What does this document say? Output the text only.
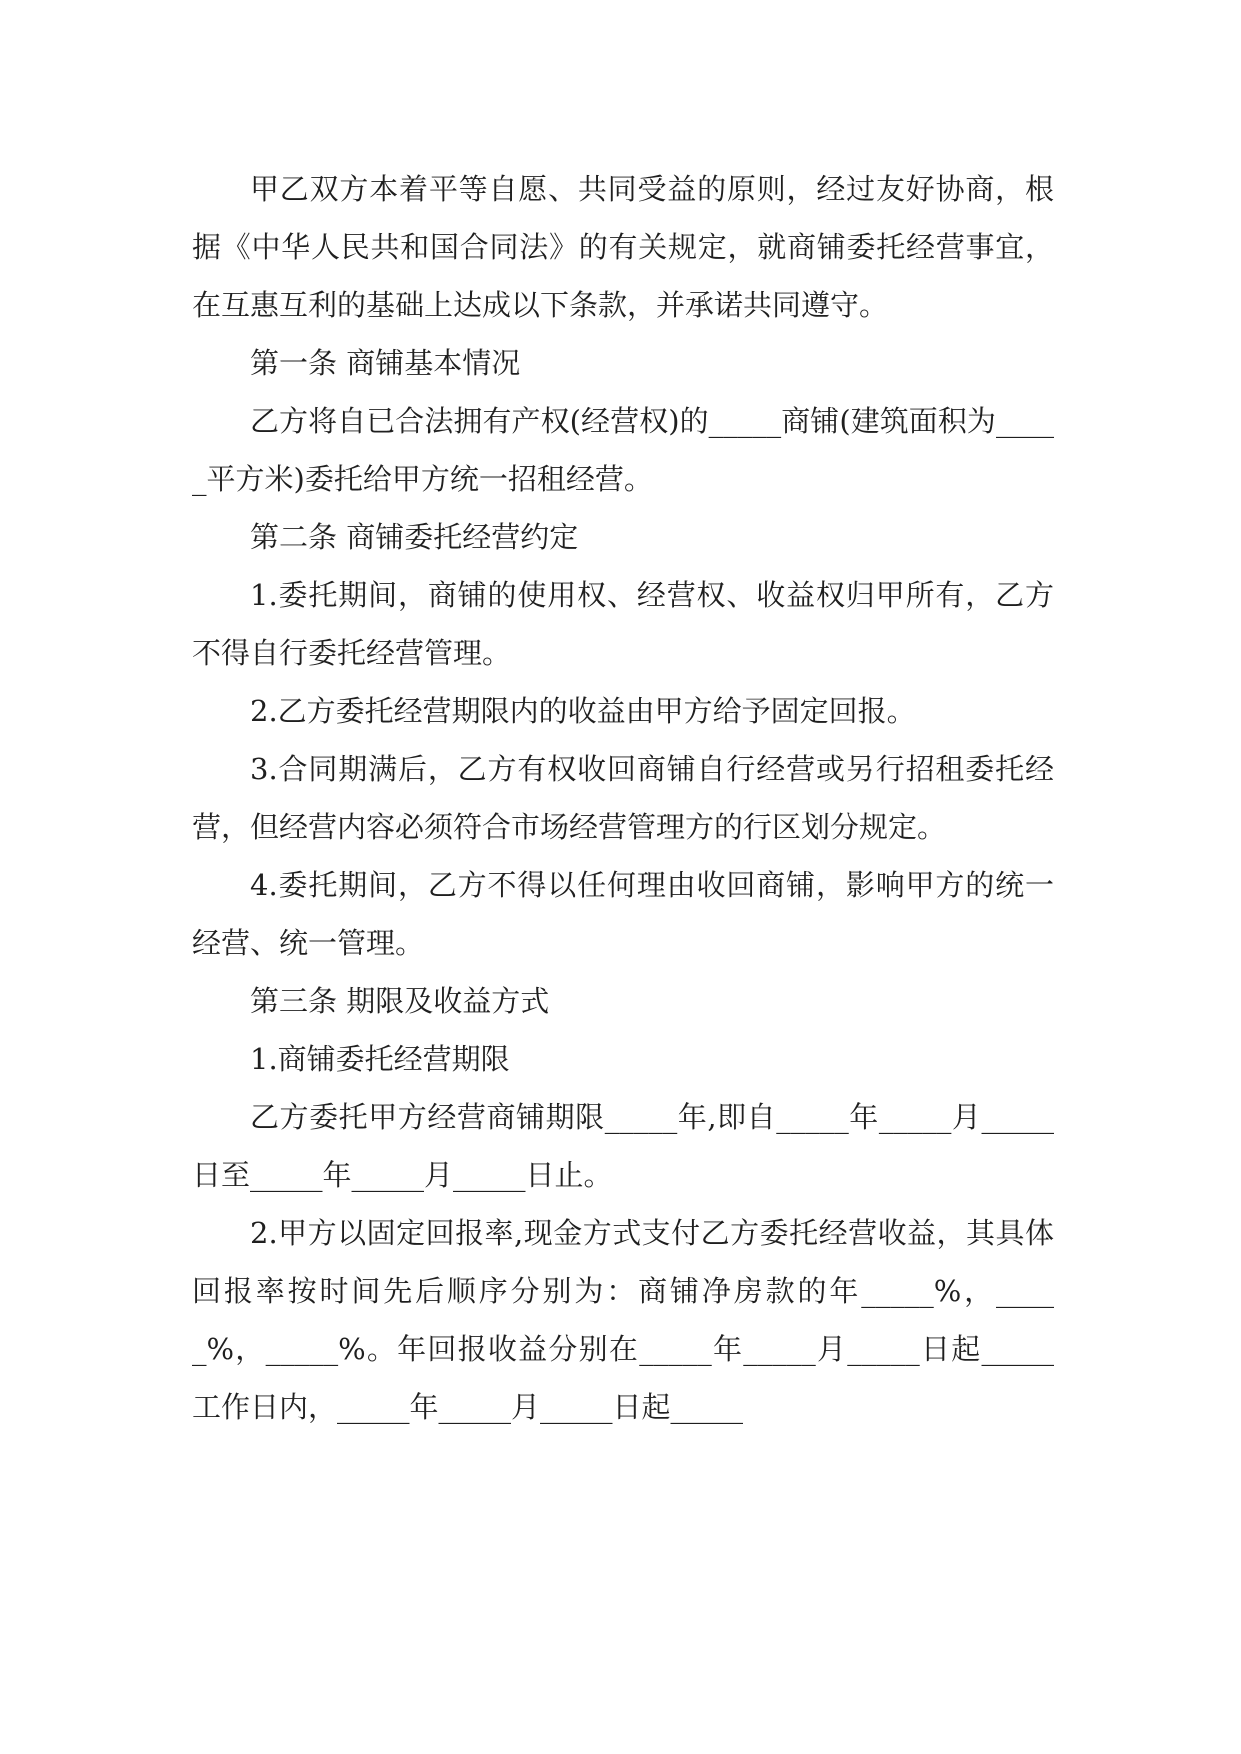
甲乙双方本着平等自愿、共同受益的原则，经过友好协商，根据《中华人民共和国合同法》的有关规定，就商铺委托经营事宜，在互惠互利的基础上达成以下条款，并承诺共同遵守。

第一条 商铺基本情况

乙方将自已合法拥有产权(经营权)的_____商铺(建筑面积为_____平方米)委托给甲方统一招租经营。

第二条 商铺委托经营约定

1.委托期间，商铺的使用权、经营权、收益权归甲所有，乙方不得自行委托经营管理。

2.乙方委托经营期限内的收益由甲方给予固定回报。

3.合同期满后，乙方有权收回商铺自行经营或另行招租委托经营，但经营内容必须符合市场经营管理方的行区划分规定。

4.委托期间，乙方不得以任何理由收回商铺，影响甲方的统一经营、统一管理。

第三条 期限及收益方式

1.商铺委托经营期限

乙方委托甲方经营商铺期限_____年,即自_____年_____月_____日至_____年_____月_____日止。

2.甲方以固定回报率,现金方式支付乙方委托经营收益，其具体回报率按时间先后顺序分别为：商铺净房款的年_____%，_____%，_____%。年回报收益分别在_____年_____月_____日起_____工作日内，_____年_____月_____日起_____
